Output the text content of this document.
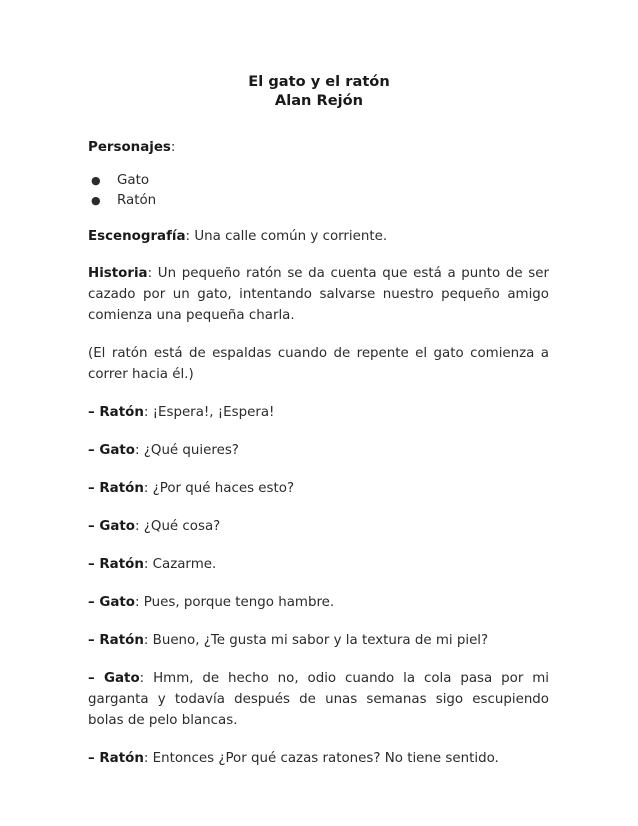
El gato y el ratón
Alan Rejón

Personajes:

● Gato
● Ratón

Escenografía: Una calle común y corriente.

Historia: Un pequeño ratón se da cuenta que está a punto de ser cazado por un gato, intentando salvarse nuestro pequeño amigo comienza una pequeña charla.

(El ratón está de espaldas cuando de repente el gato comienza a correr hacia él.)

– Ratón: ¡Espera!, ¡Espera!

– Gato: ¿Qué quieres?

– Ratón: ¿Por qué haces esto?

– Gato: ¿Qué cosa?

– Ratón: Cazarme.

– Gato: Pues, porque tengo hambre.

– Ratón: Bueno, ¿Te gusta mi sabor y la textura de mi piel?

– Gato: Hmm, de hecho no, odio cuando la cola pasa por mi garganta y todavía después de unas semanas sigo escupiendo bolas de pelo blancas.

– Ratón: Entonces ¿Por qué cazas ratones? No tiene sentido.
